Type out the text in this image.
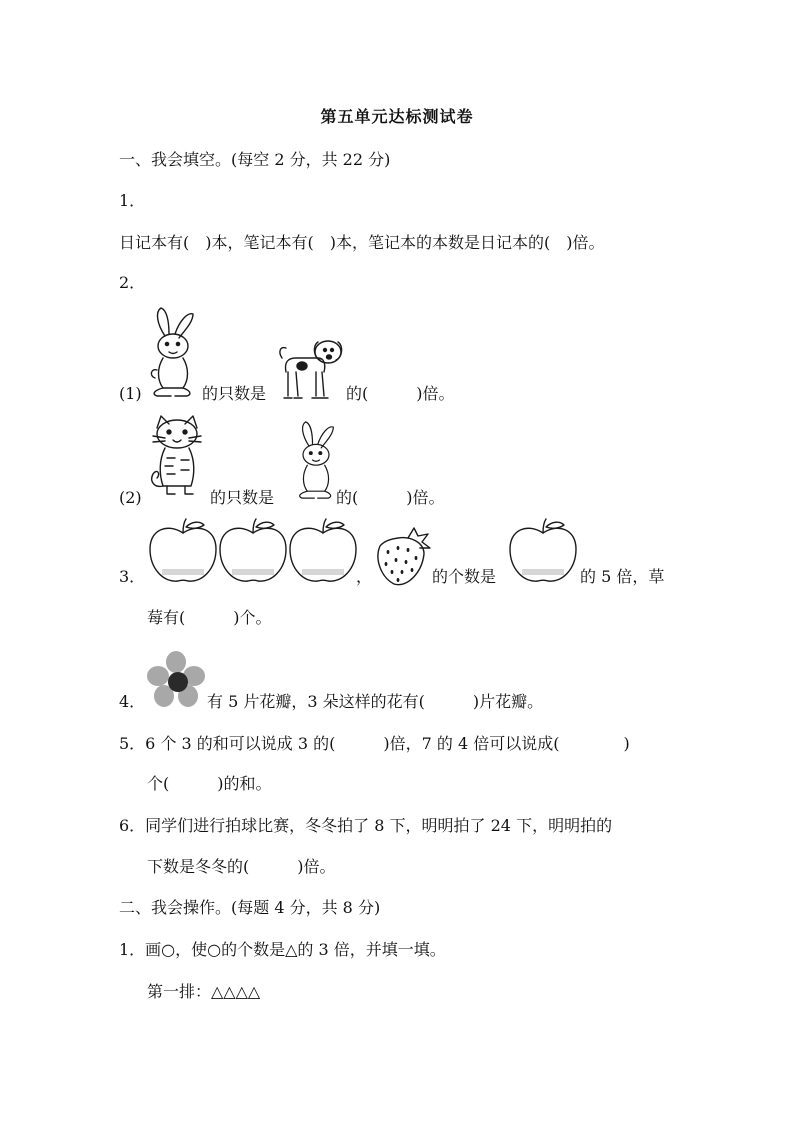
第五单元达标测试卷
一、我会填空。(每空 2 分，共 22 分)
1．
日记本有(　)本，笔记本有(　)本，笔记本的本数是日记本的(　)倍。
2．
(1)	的只数是	的(　　　)倍。
(2)	的只数是	的(　　　)倍。
3．	，	的个数是	的 5 倍，草
莓有(　　　)个。
4．	有 5 片花瓣，3 朵这样的花有(　　　)片花瓣。
5．6 个 3 的和可以说成 3 的(　　　)倍，7 的 4 倍可以说成(　　　　)
个(　　　)的和。
6．同学们进行拍球比赛，冬冬拍了 8 下，明明拍了 24 下，明明拍的
下数是冬冬的(　　　)倍。
二、我会操作。(每题 4 分，共 8 分)
1．画○，使○的个数是△的 3 倍，并填一填。
第一排：△△△△
